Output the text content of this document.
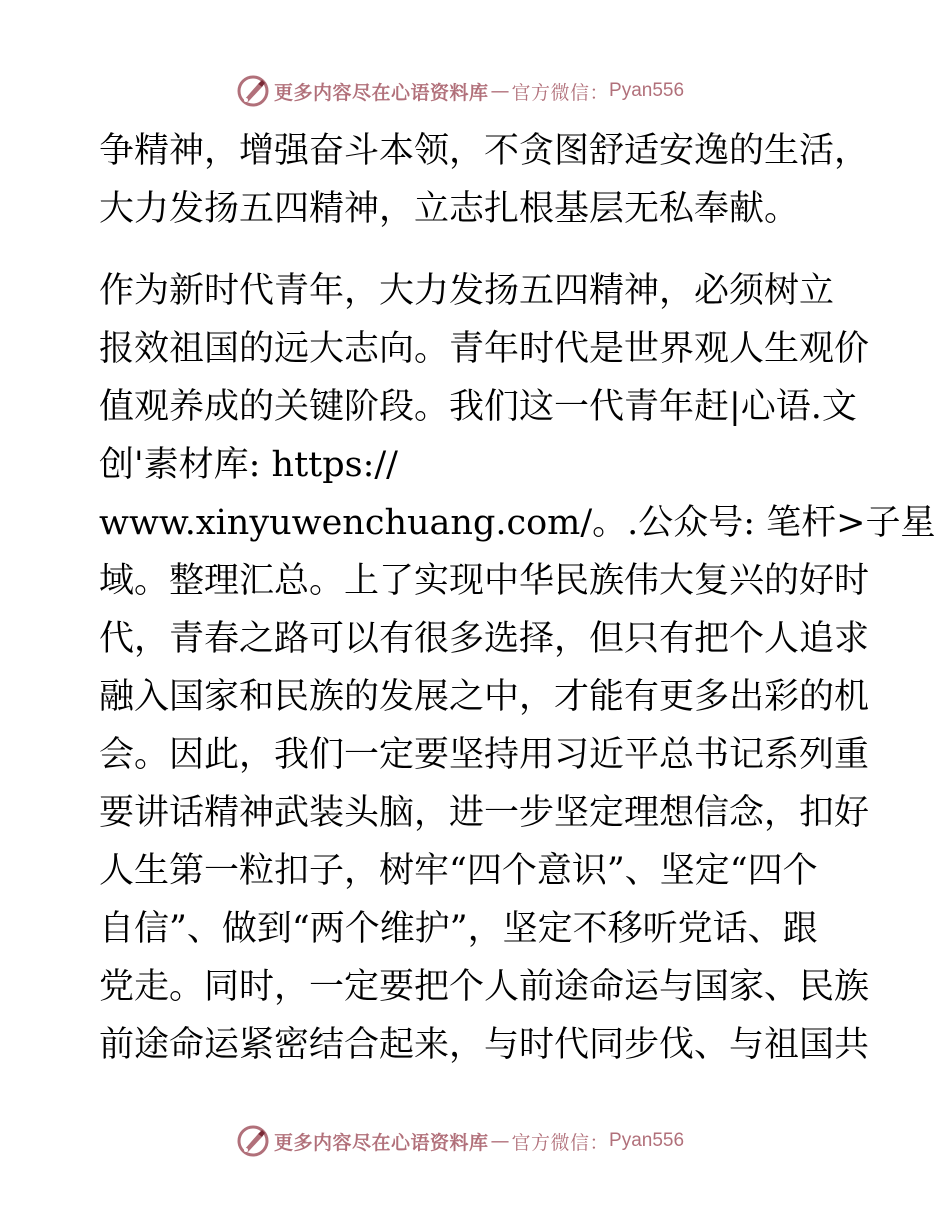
更多内容尽在心语资料库 — 官方微信： Pyan556
争精神，增强奋斗本领，不贪图舒适安逸的生活，
大力发扬五四精神，立志扎根基层无私奉献。
作为新时代青年，大力发扬五四精神，必须树立
报效祖国的远大志向。青年时代是世界观人生观价
值观养成的关键阶段。我们这一代青年赶|心语.文
创'素材库: https://
www.xinyuwenchuang.com/。.公众号: 笔杆>子星
域。整理汇总。上了实现中华民族伟大复兴的好时
代，青春之路可以有很多选择，但只有把个人追求
融入国家和民族的发展之中，才能有更多出彩的机
会。因此，我们一定要坚持用习近平总书记系列重
要讲话精神武装头脑，进一步坚定理想信念，扣好
人生第一粒扣子，树牢“四个意识”、坚定“四个
自信”、做到“两个维护”，坚定不移听党话、跟
党走。同时，一定要把个人前途命运与国家、民族
前途命运紧密结合起来，与时代同步伐、与祖国共
更多内容尽在心语资料库 — 官方微信： Pyan556
